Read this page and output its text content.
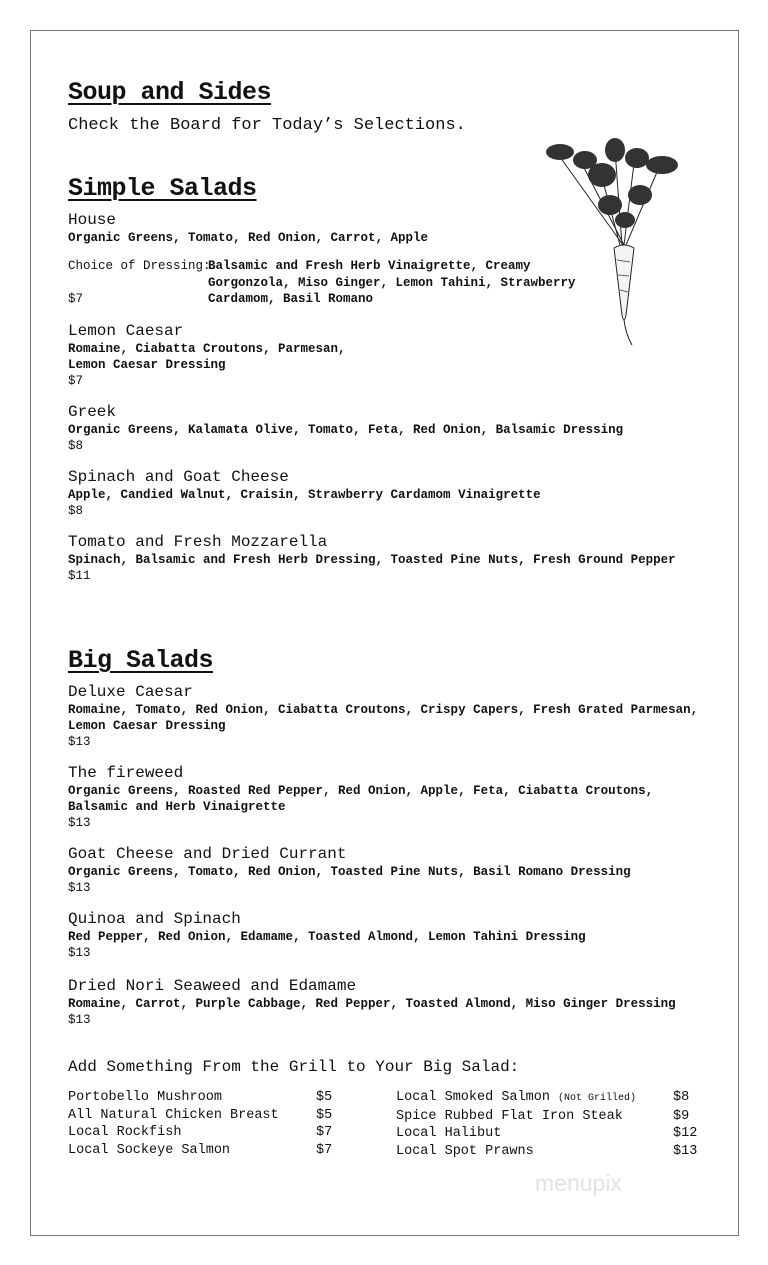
Soup and Sides
Check the Board for Today’s Selections.
Simple Salads
House
Organic Greens, Tomato, Red Onion, Carrot, Apple
Choice of Dressing:
Balsamic and Fresh Herb Vinaigrette, Creamy Gorgonzola, Miso Ginger, Lemon Tahini, Strawberry Cardamom, Basil Romano
$7
Lemon Caesar
Romaine, Ciabatta Croutons, Parmesan,
Lemon Caesar Dressing
$7
Greek
Organic Greens, Kalamata Olive, Tomato, Feta, Red Onion, Balsamic Dressing
$8
Spinach and Goat Cheese
Apple, Candied Walnut, Craisin, Strawberry Cardamom Vinaigrette
$8
Tomato and Fresh Mozzarella
Spinach, Balsamic and Fresh Herb Dressing, Toasted Pine Nuts, Fresh Ground Pepper
$11
Big Salads
Deluxe Caesar
Romaine, Tomato, Red Onion, Ciabatta Croutons, Crispy Capers, Fresh Grated Parmesan,
Lemon Caesar Dressing
$13
The fireweed
Organic Greens, Roasted Red Pepper, Red Onion, Apple, Feta, Ciabatta Croutons,
Balsamic and Herb Vinaigrette
$13
Goat Cheese and Dried Currant
Organic Greens, Tomato, Red Onion, Toasted Pine Nuts, Basil Romano Dressing
$13
Quinoa and Spinach
Red Pepper, Red Onion, Edamame, Toasted Almond, Lemon Tahini Dressing
$13
Dried Nori Seaweed and Edamame
Romaine, Carrot, Purple Cabbage, Red Pepper, Toasted Almond, Miso Ginger Dressing
$13
Add Something From the Grill to Your Big Salad:
Portobello Mushroom	$5
All Natural Chicken Breast	$5
Local Rockfish	$7
Local Sockeye Salmon	$7
Local Smoked Salmon (Not Grilled)	$8
Spice Rubbed Flat Iron Steak	$9
Local Halibut	$12
Local Spot Prawns	$13
menupix
